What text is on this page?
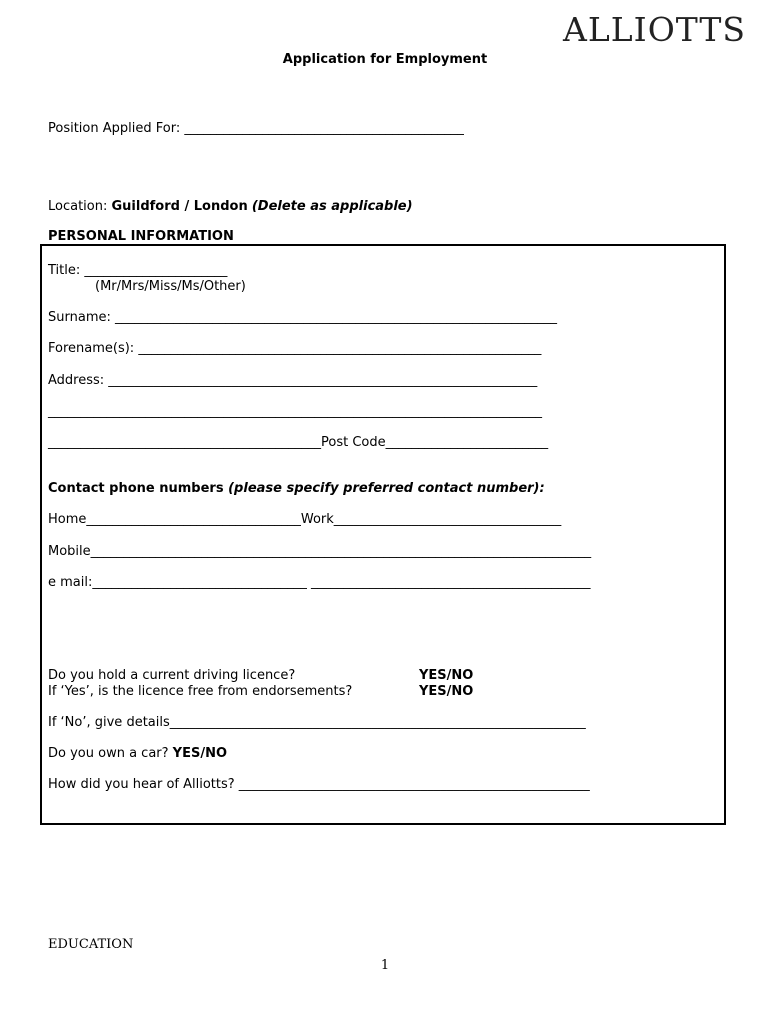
ALLIOTTS
Application for Employment
Position Applied For: ___________________________________________
Location: Guildford / London (Delete as applicable)
PERSONAL INFORMATION
Title: ______________________
(Mr/Mrs/Miss/Ms/Other)
Surname: ____________________________________________________________________
Forename(s): ______________________________________________________________
Address: __________________________________________________________________
____________________________________________________________________________
__________________________________________Post Code_________________________
Contact phone numbers (please specify preferred contact number):
Home_________________________________Work___________________________________
Mobile_____________________________________________________________________________
e mail:_________________________________ ___________________________________________
Do you hold a current driving licence?	YES/NO
If ‘Yes’, is the licence free from endorsements?	YES/NO
If ‘No’, give details________________________________________________________________
Do you own a car? YES/NO
How did you hear of Alliotts? ______________________________________________________
EDUCATION
1
